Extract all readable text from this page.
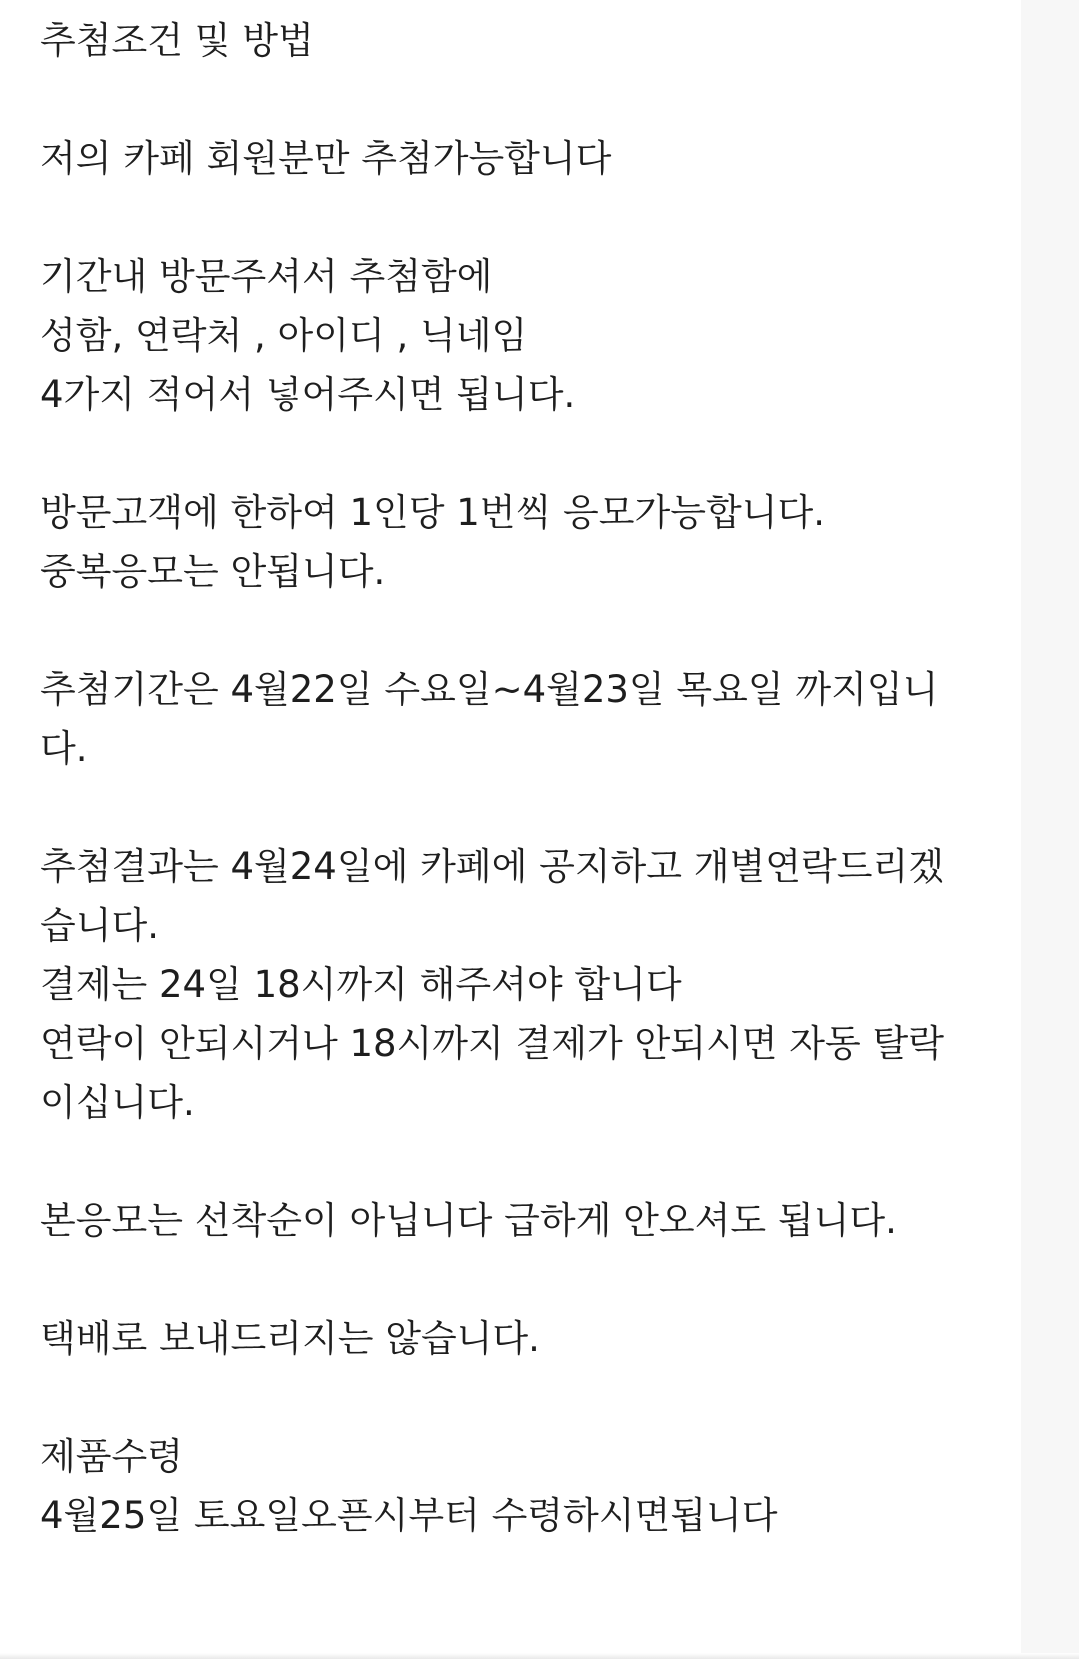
추첨조건 및 방법
저의 카페 회원분만 추첨가능합니다
기간내 방문주셔서 추첨함에
성함, 연락처 , 아이디 , 닉네임
4가지 적어서 넣어주시면 됩니다.
방문고객에 한하여 1인당 1번씩 응모가능합니다.
중복응모는 안됩니다.
추첨기간은 4월22일 수요일~4월23일 목요일 까지입니
다.
추첨결과는 4월24일에 카페에 공지하고 개별연락드리겠
습니다.
결제는 24일 18시까지 해주셔야 합니다
연락이 안되시거나 18시까지 결제가 안되시면 자동 탈락
이십니다.
본응모는 선착순이 아닙니다 급하게 안오셔도 됩니다.
택배로 보내드리지는 않습니다.
제품수령
4월25일 토요일오픈시부터 수령하시면됩니다
